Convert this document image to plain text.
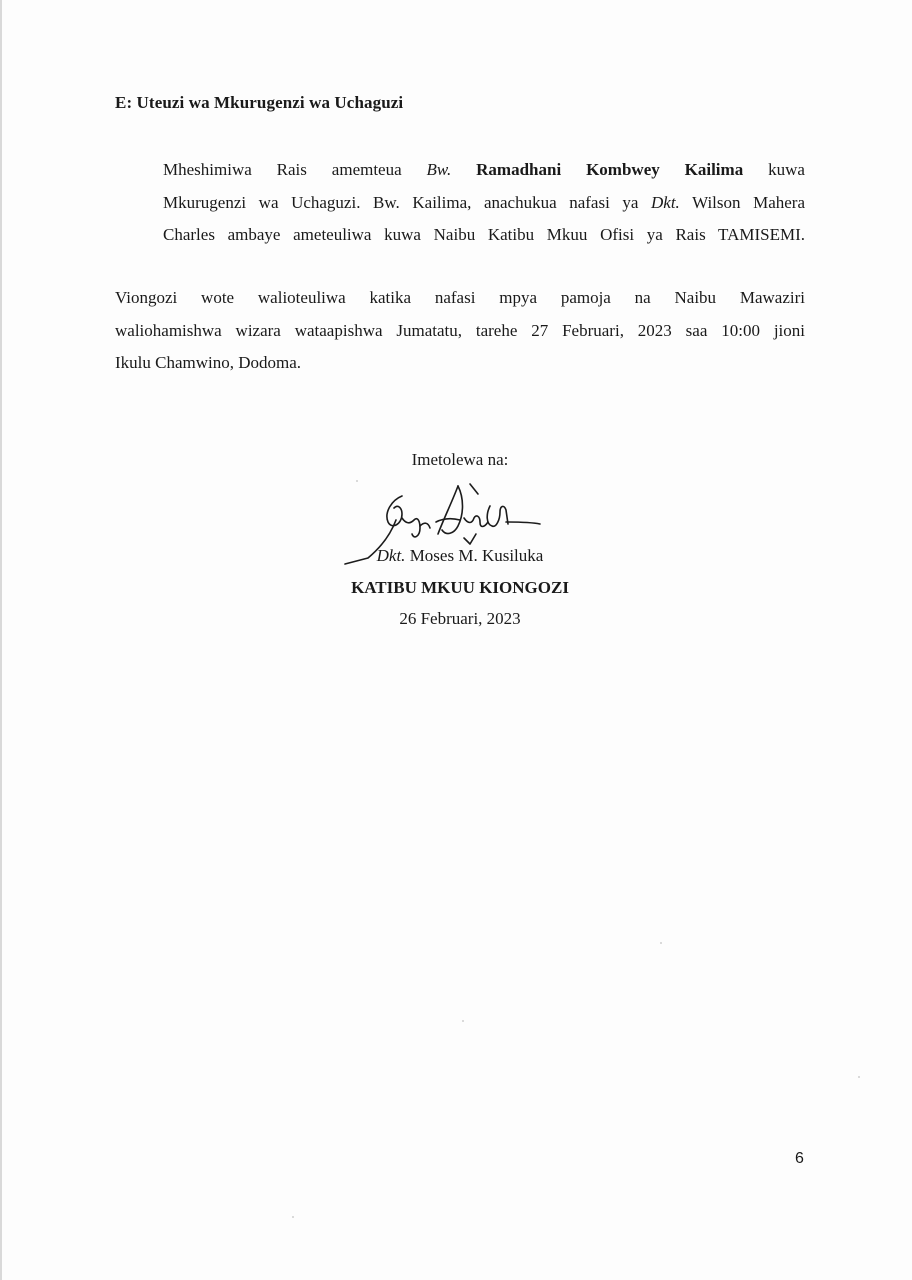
E: Uteuzi wa Mkurugenzi wa Uchaguzi
Mheshimiwa Rais amemteua Bw. Ramadhani Kombwey Kailima kuwa
Mkurugenzi wa Uchaguzi. Bw. Kailima, anachukua nafasi ya Dkt. Wilson Mahera
Charles ambaye ameteuliwa kuwa Naibu Katibu Mkuu Ofisi ya Rais TAMISEMI.
Viongozi wote walioteuliwa katika nafasi mpya pamoja na Naibu Mawaziri
waliohamishwa wizara wataapishwa Jumatatu, tarehe 27 Februari, 2023 saa 10:00 jioni
Ikulu Chamwino, Dodoma.
Imetolewa na:
Dkt. Moses M. Kusiluka
KATIBU MKUU KIONGOZI
26 Februari, 2023
6
